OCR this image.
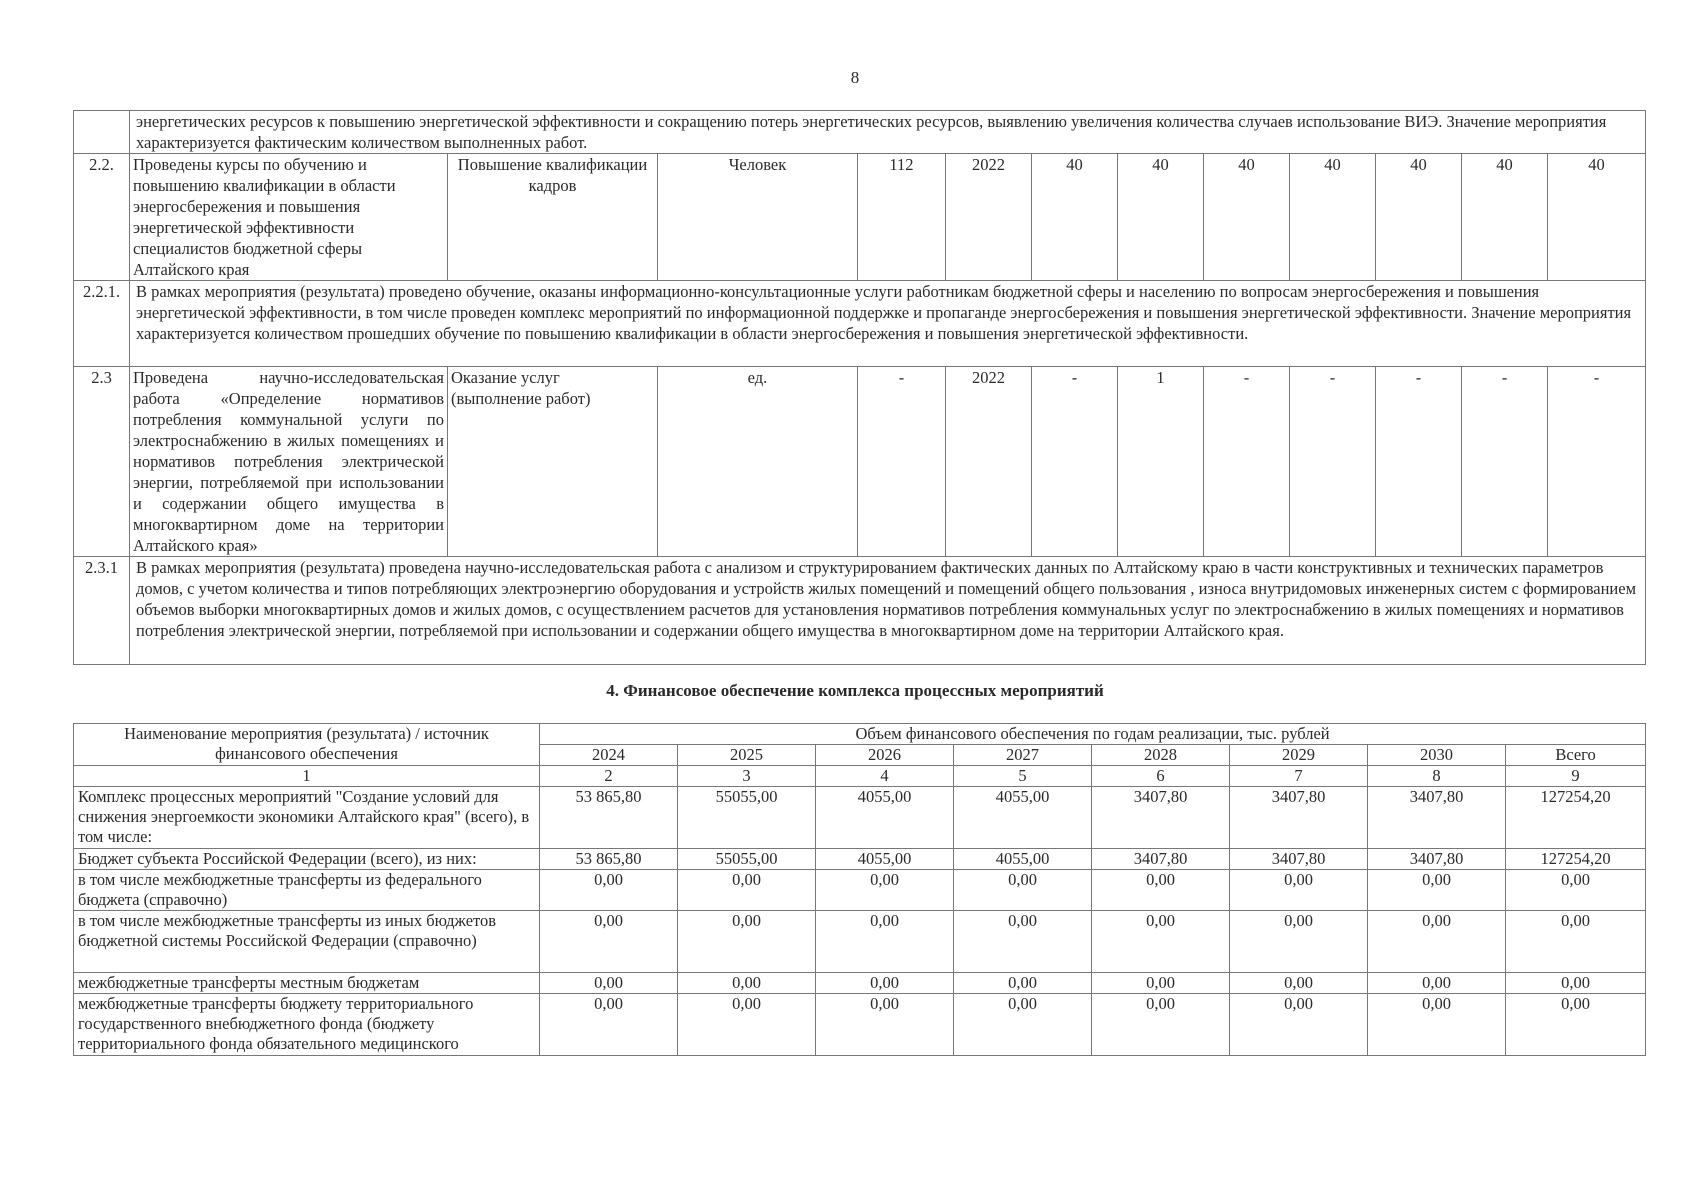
8
	энергетических ресурсов к повышению энергетической эффективности и сокращению потерь энергетических ресурсов, выявлению увеличения количества случаев использование ВИЭ. Значение мероприятия характеризуется фактическим количеством выполненных работ.											
2.2.	Проведены курсы по обучению и повышению квалификации в области энергосбережения и повышения энергетической эффективности специалистов бюджетной сферы Алтайского края	Повышение квалификации кадров	Человек	112	2022	40	40	40	40	40	40	40
2.2.1.	В рамках мероприятия (результата) проведено обучение, оказаны информационно-консультационные услуги работникам бюджетной сферы и населению по вопросам энергосбережения и повышения энергетической эффективности, в том числе проведен комплекс мероприятий по информационной поддержке и пропаганде энергосбережения и повышения энергетической эффективности. Значение мероприятия характеризуется количеством прошедших обучение по повышению квалификации в области энергосбережения и повышения энергетической эффективности.											
2.3	Проведена научно-исследовательская работа «Определение нормативов потребления коммунальной услуги по электроснабжению в жилых помещениях и нормативов потребления электрической энергии, потребляемой при использовании и содержании общего имущества в многоквартирном доме на территории Алтайского края»	Оказание услуг (выполнение работ)	ед.	-	2022	-	1	-	-	-	-	-
2.3.1	В рамках мероприятия (результата) проведена научно-исследовательская работа с анализом и структурированием фактических данных по Алтайскому краю в части конструктивных и технических параметров домов, с учетом количества и типов потребляющих электроэнергию оборудования и устройств жилых помещений и помещений общего пользования , износа внутридомовых инженерных систем с формированием объемов выборки многоквартирных домов и жилых домов, с осуществлением расчетов для установления нормативов потребления коммунальных услуг по электроснабжению в жилых помещениях и нормативов потребления электрической энергии, потребляемой при использовании и содержании общего имущества в многоквартирном доме на территории Алтайского края.											
4. Финансовое обеспечение комплекса процессных мероприятий
Наименование мероприятия (результата) / источник финансового обеспечения	Объем финансового обеспечения по годам реализации, тыс. рублей							
	2024	2025	2026	2027	2028	2029	2030	Всего
1	2	3	4	5	6	7	8	9
Комплекс процессных мероприятий "Создание условий для снижения энергоемкости экономики Алтайского края" (всего), в том числе:	53 865,80	55055,00	4055,00	4055,00	3407,80	3407,80	3407,80	127254,20
Бюджет субъекта Российской Федерации (всего), из них:	53 865,80	55055,00	4055,00	4055,00	3407,80	3407,80	3407,80	127254,20
в том числе межбюджетные трансферты из федерального бюджета (справочно)	0,00	0,00	0,00	0,00	0,00	0,00	0,00	0,00
в том числе межбюджетные трансферты из иных бюджетов бюджетной системы Российской Федерации (справочно)	0,00	0,00	0,00	0,00	0,00	0,00	0,00	0,00
межбюджетные трансферты местным бюджетам	0,00	0,00	0,00	0,00	0,00	0,00	0,00	0,00
межбюджетные трансферты бюджету территориального государственного внебюджетного фонда (бюджету территориального фонда обязательного медицинского	0,00	0,00	0,00	0,00	0,00	0,00	0,00	0,00
